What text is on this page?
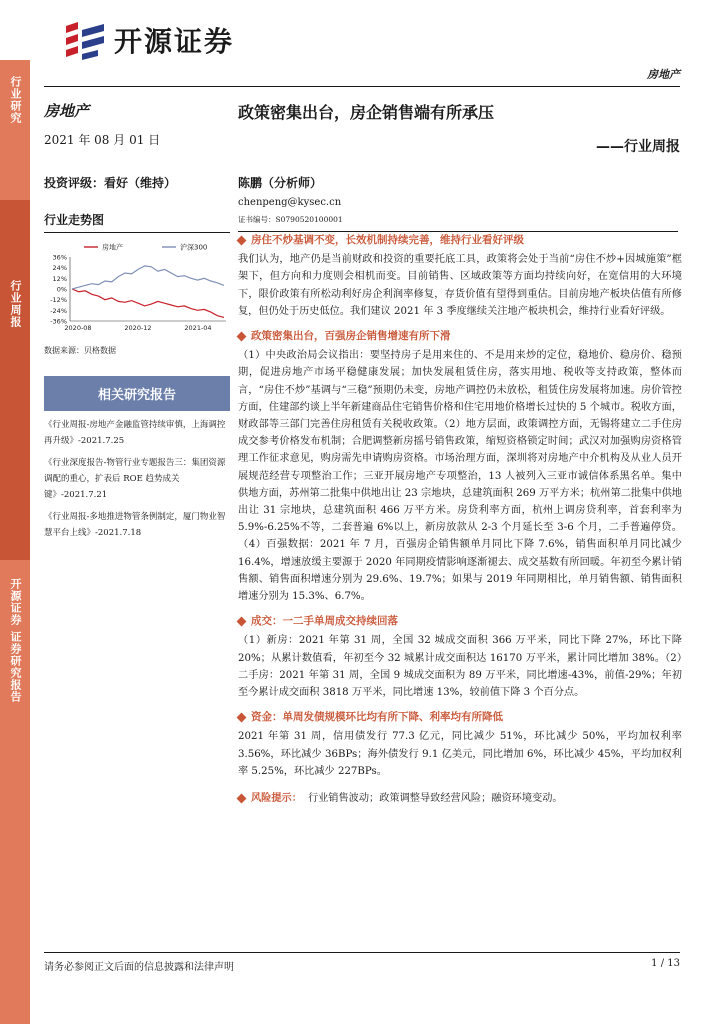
行业研究
行业周报
开源证券 证券研究报告
开源证券
房地产
房地产
2021 年 08 月 01 日
投资评级：看好（维持）
行业走势图
36%
24%
12%
0%
-12%
-24%
-36%
2020-08	2020-12	2021-04
房地产	沪深300
数据来源：贝格数据
相关研究报告
《行业周报-房地产金融监管持续审慎，上海调控再升级》-2021.7.25
《行业深度报告-物管行业专题报告三：集团资源调配的重心，扩表后 ROE 趋势成关键》-2021.7.21
《行业周报-多地推进物管条例制定，厦门物业智慧平台上线》-2021.7.18
政策密集出台，房企销售端有所承压
——行业周报
陈鹏（分析师）
chenpeng@kysec.cn
证书编号：S0790520100001
房住不炒基调不变，长效机制持续完善，维持行业看好评级
我们认为，地产仍是当前财政和投资的重要托底工具，政策将会处于当前“房住不炒+因城施策”框架下，但方向和力度则会相机而变。目前销售、区域政策等方面均持续向好，在宽信用的大环境下，限价政策有所松动利好房企利润率修复，存货价值有望得到重估。目前房地产板块估值有所修复，但仍处于历史低位。我们建议 2021 年 3 季度继续关注地产板块机会，维持行业看好评级。
政策密集出台，百强房企销售增速有所下滑
（1）中央政治局会议指出：要坚持房子是用来住的、不是用来炒的定位，稳地价、稳房价、稳预期，促进房地产市场平稳健康发展；加快发展租赁住房，落实用地、税收等支持政策，整体而言，“房住不炒”基调与“三稳”预期仍未变，房地产调控仍未放松，租赁住房发展将加速。房价管控方面，住建部约谈上半年新建商品住宅销售价格和住宅用地价格增长过快的 5 个城市。税收方面，财政部等三部门完善住房租赁有关税收政策。（2）地方层面，政策调控方面，无锡将建立二手住房成交参考价格发布机制；合肥调整新房摇号销售政策，缩短资格锁定时间；武汉对加强购房资格管理工作征求意见，购房需先申请购房资格。市场治理方面，深圳将对房地产中介机构及从业人员开展规范经营专项整治工作；三亚开展房地产专项整治，13 人被列入三亚市诚信体系黑名单。集中供地方面，苏州第二批集中供地出让 23 宗地块，总建筑面积 269 万平方米；杭州第二批集中供地出让 31 宗地块，总建筑面积 466 万平方米。房贷利率方面，杭州上调房贷利率，首套利率为 5.9%-6.25%不等，二套普遍 6%以上，新房放款从 2-3 个月延长至 3-6 个月，二手普遍停贷。（4）百强数据：2021 年 7 月，百强房企销售额单月同比下降 7.6%，销售面积单月同比减少 16.4%，增速放缓主要源于 2020 年同期疫情影响逐渐褪去、成交基数有所回暖。年初至今累计销售额、销售面积增速分别为 29.6%、19.7%；如果与 2019 年同期相比，单月销售额、销售面积增速分别为 15.3%、6.7%。
成交：一二手单周成交持续回落
（1）新房：2021 年第 31 周，全国 32 城成交面积 366 万平米，同比下降 27%，环比下降 20%；从累计数值看，年初至今 32 城累计成交面积达 16170 万平米，累计同比增加 38%。（2）二手房：2021 年第 31 周，全国 9 城成交面积为 89 万平米，同比增速-43%，前值-29%；年初至今累计成交面积 3818 万平米，同比增速 13%，较前值下降 3 个百分点。
资金：单周发债规模环比均有所下降、利率均有所降低
2021 年第 31 周，信用债发行 77.3 亿元，同比减少 51%，环比减少 50%，平均加权利率 3.56%，环比减少 36BPs；海外债发行 9.1 亿美元，同比增加 6%，环比减少 45%，平均加权利率 5.25%，环比减少 227BPs。
风险提示： 行业销售波动；政策调整导致经营风险；融资环境变动。
请务必参阅正文后面的信息披露和法律声明	1 / 13
